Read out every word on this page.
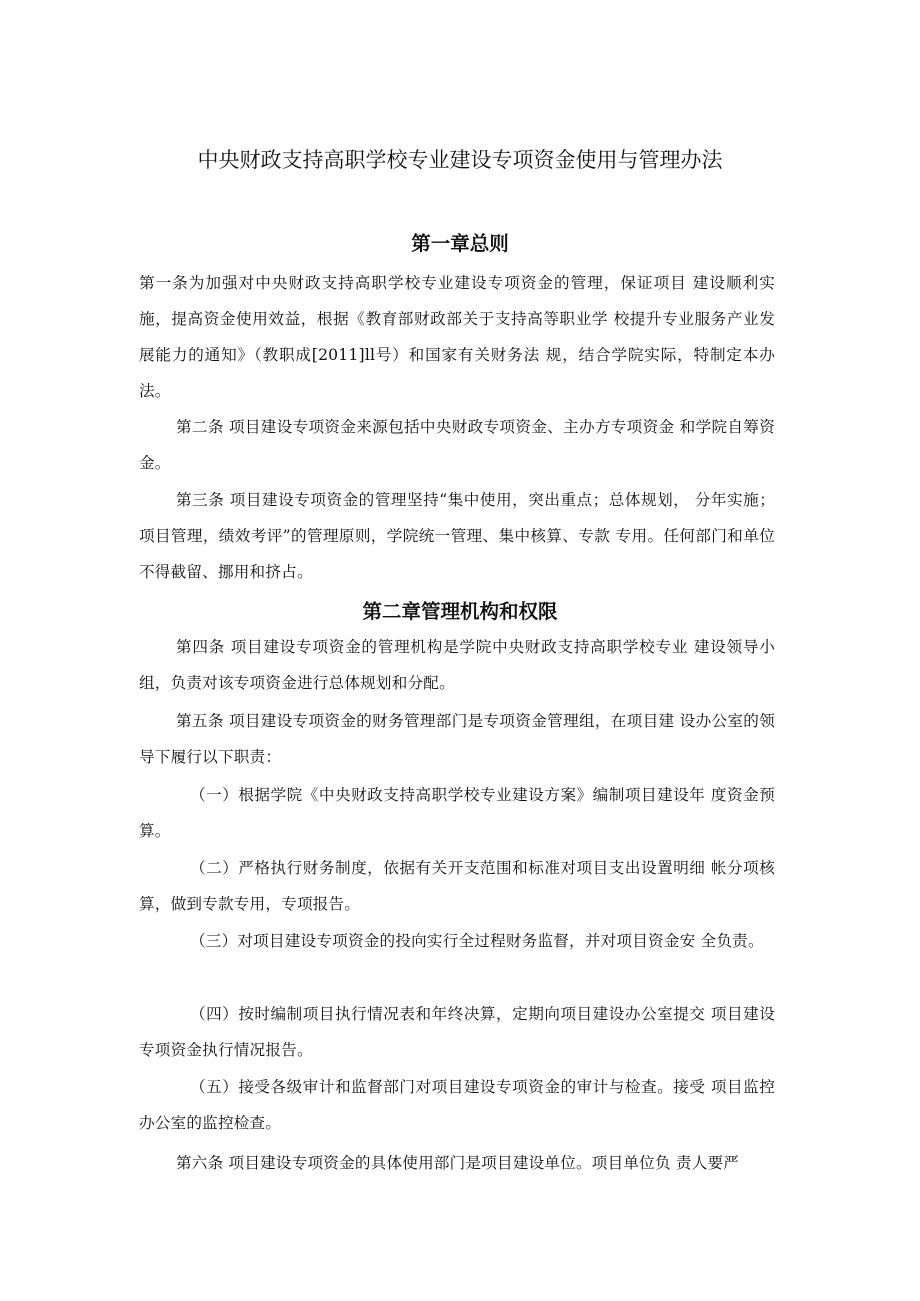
中央财政支持高职学校专业建设专项资金使用与管理办法
第一章总则

第一条为加强对中央财政支持高职学校专业建设专项资金的管理，保证项目 建设顺利实施，提高资金使用效益，根据《教育部财政部关于支持高等职业学 校提升专业服务产业发展能力的通知》（教职成[2011]ll号）和国家有关财务法 规，结合学院实际，特制定本办法。

第二条 项目建设专项资金来源包括中央财政专项资金、主办方专项资金 和学院自筹资金。

第三条 项目建设专项资金的管理坚持“集中使用，突出重点；总体规划， 分年实施；项目管理，绩效考评”的管理原则，学院统一管理、集中核算、专款 专用。任何部门和单位不得截留、挪用和挤占。

第二章管理机构和权限

第四条 项目建设专项资金的管理机构是学院中央财政支持高职学校专业 建设领导小组，负责对该专项资金进行总体规划和分配。

第五条 项目建设专项资金的财务管理部门是专项资金管理组，在项目建 设办公室的领导下履行以下职责：

（一）根据学院《中央财政支持高职学校专业建设方案》编制项目建设年 度资金预算。

（二）严格执行财务制度，依据有关开支范围和标准对项目支出设置明细 帐分项核算，做到专款专用，专项报告。

（三）对项目建设专项资金的投向实行全过程财务监督，并对项目资金安 全负责。

（四）按时编制项目执行情况表和年终决算，定期向项目建设办公室提交 项目建设专项资金执行情况报告。

（五）接受各级审计和监督部门对项目建设专项资金的审计与检查。接受 项目监控办公室的监控检查。

第六条 项目建设专项资金的具体使用部门是项目建设单位。项目单位负 责人要严
